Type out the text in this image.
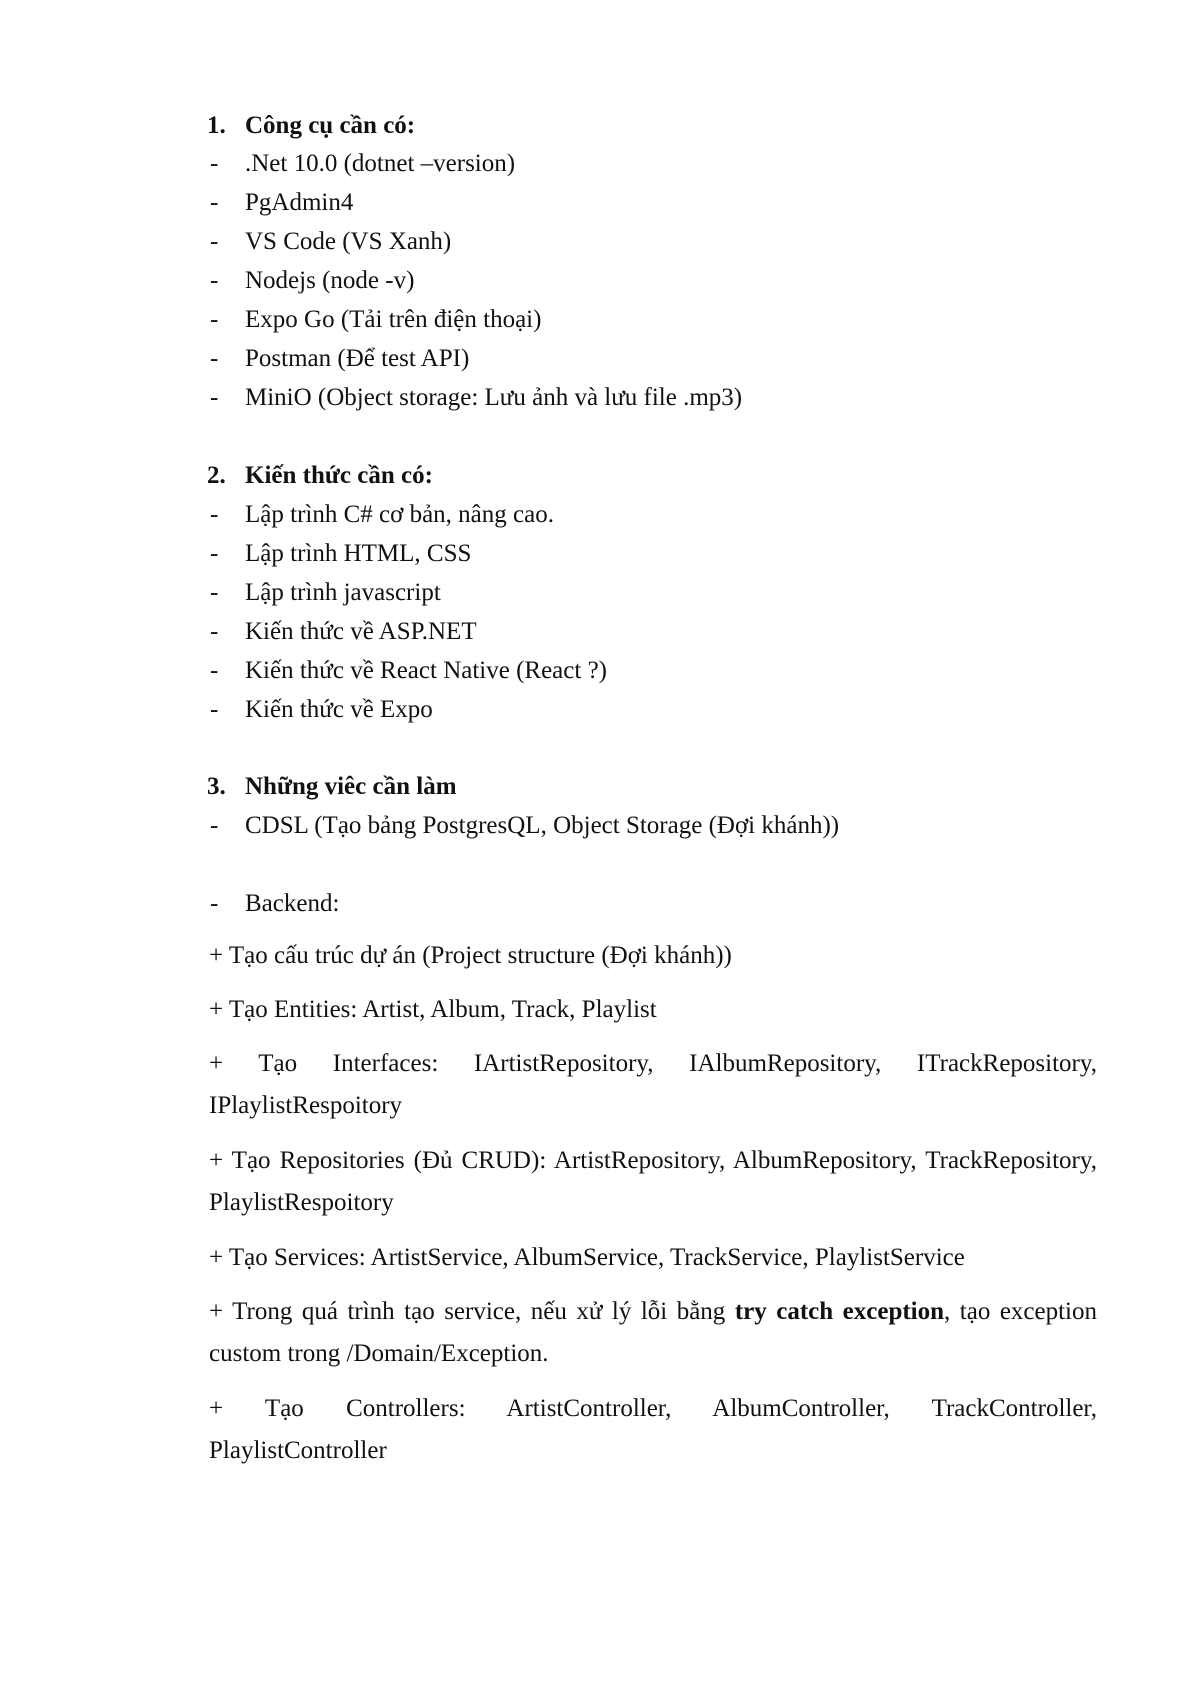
1. Công cụ cần có:
- .Net 10.0 (dotnet –version)
- PgAdmin4
- VS Code (VS Xanh)
- Nodejs (node -v)
- Expo Go (Tải trên điện thoại)
- Postman (Để test API)
- MiniO (Object storage: Lưu ảnh và lưu file .mp3)
2. Kiến thức cần có:
- Lập trình C# cơ bản, nâng cao.
- Lập trình HTML, CSS
- Lập trình javascript
- Kiến thức về ASP.NET
- Kiến thức về React Native (React ?)
- Kiến thức về Expo
3. Những viêc cần làm
- CDSL (Tạo bảng PostgresQL, Object Storage (Đợi khánh))
- Backend:
+ Tạo cấu trúc dự án (Project structure (Đợi khánh))
+ Tạo Entities: Artist, Album, Track, Playlist
+ Tạo Interfaces: IArtistRepository, IAlbumRepository, ITrackRepository, IPlaylistRespoitory
+ Tạo Repositories (Đủ CRUD): ArtistRepository, AlbumRepository, TrackRepository, PlaylistRespoitory
+ Tạo Services: ArtistService, AlbumService, TrackService, PlaylistService
+ Trong quá trình tạo service, nếu xử lý lỗi bằng try catch exception, tạo exception custom trong /Domain/Exception.
+ Tạo Controllers: ArtistController, AlbumController, TrackController, PlaylistController
